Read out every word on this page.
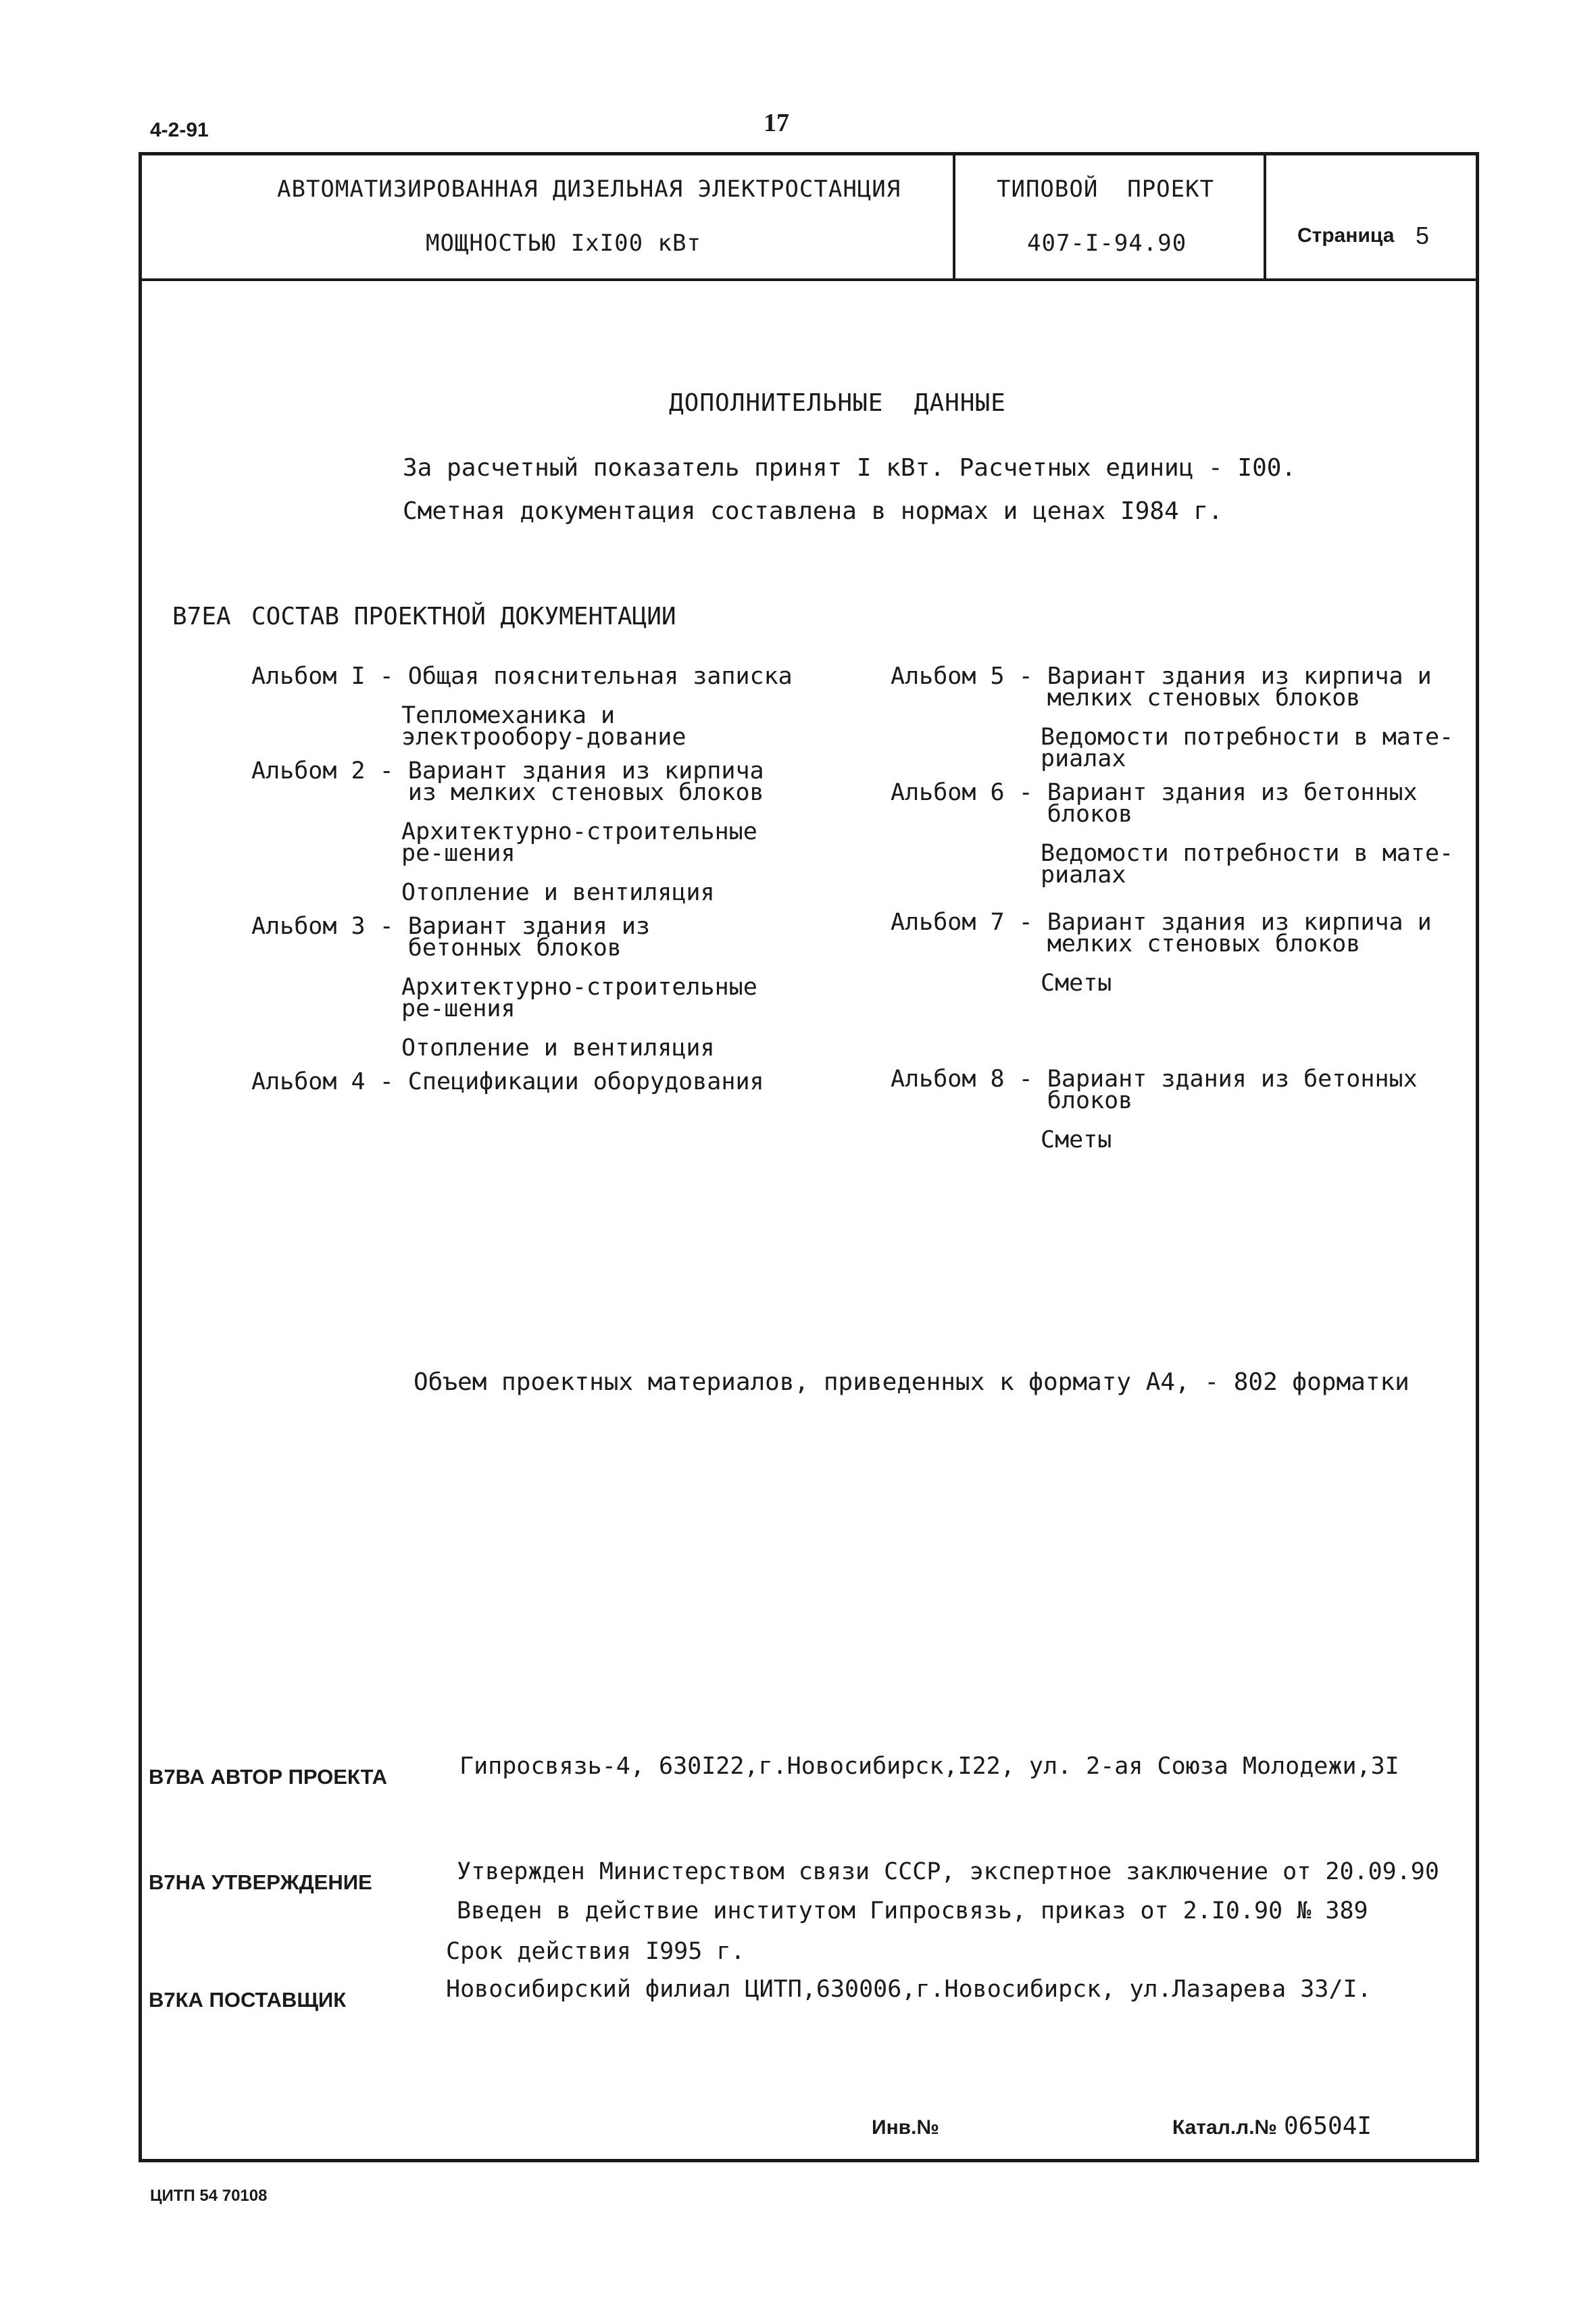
4-2-91	17
АВТОМАТИЗИРОВАННАЯ ДИЗЕЛЬНАЯ ЭЛЕКТРОСТАНЦИЯ
МОЩНОСТЬЮ IxI00 кВт
ТИПОВОЙ  ПРОЕКТ
407-I-94.90	Страница 5
ДОПОЛНИТЕЛЬНЫЕ  ДАННЫЕ
За расчетный показатель принят I кВт. Расчетных единиц - I00.
Сметная документация составлена в нормах и ценах I984 г.
В7ЕА СОСТАВ ПРОЕКТНОЙ ДОКУМЕНТАЦИИ
Альбом I - Общая пояснительная записка
Тепломеханика и электрообору-дование
Альбом 2 - Вариант здания из кирпича из мелких стеновых блоков
Архитектурно-строительные ре-шения
Отопление и вентиляция
Альбом 3 - Вариант здания из бетонных блоков
Архитектурно-строительные ре-шения
Отопление и вентиляция
Альбом 4 - Спецификации оборудования
Альбом 5 - Вариант здания из кирпича и мелких стеновых блоков
Ведомости потребности в мате-риалах
Альбом 6 - Вариант здания из бетонных блоков
Ведомости потребности в мате-риалах
Альбом 7 - Вариант здания из кирпича и мелких стеновых блоков
Сметы
Альбом 8 - Вариант здания из бетонных блоков
Сметы
Объем проектных материалов, приведенных к формату А4, - 802 форматки
В7ВА АВТОР ПРОЕКТА	Гипросвязь-4, 630I22,г.Новосибирск,I22, ул. 2-ая Союза Молодежи,3I
В7НА УТВЕРЖДЕНИЕ	Утвержден Министерством связи СССР, экспертное заключение от 20.09.90
Введен в действие институтом Гипросвязь, приказ от 2.I0.90 № 389
Срок действия I995 г.
В7КА ПОСТАВЩИК	Новосибирский филиал ЦИТП,630006,г.Новосибирск, ул.Лазарева 33/I.
Инв.№	Катал.л.№ 06504I
ЦИТП 54 70108
